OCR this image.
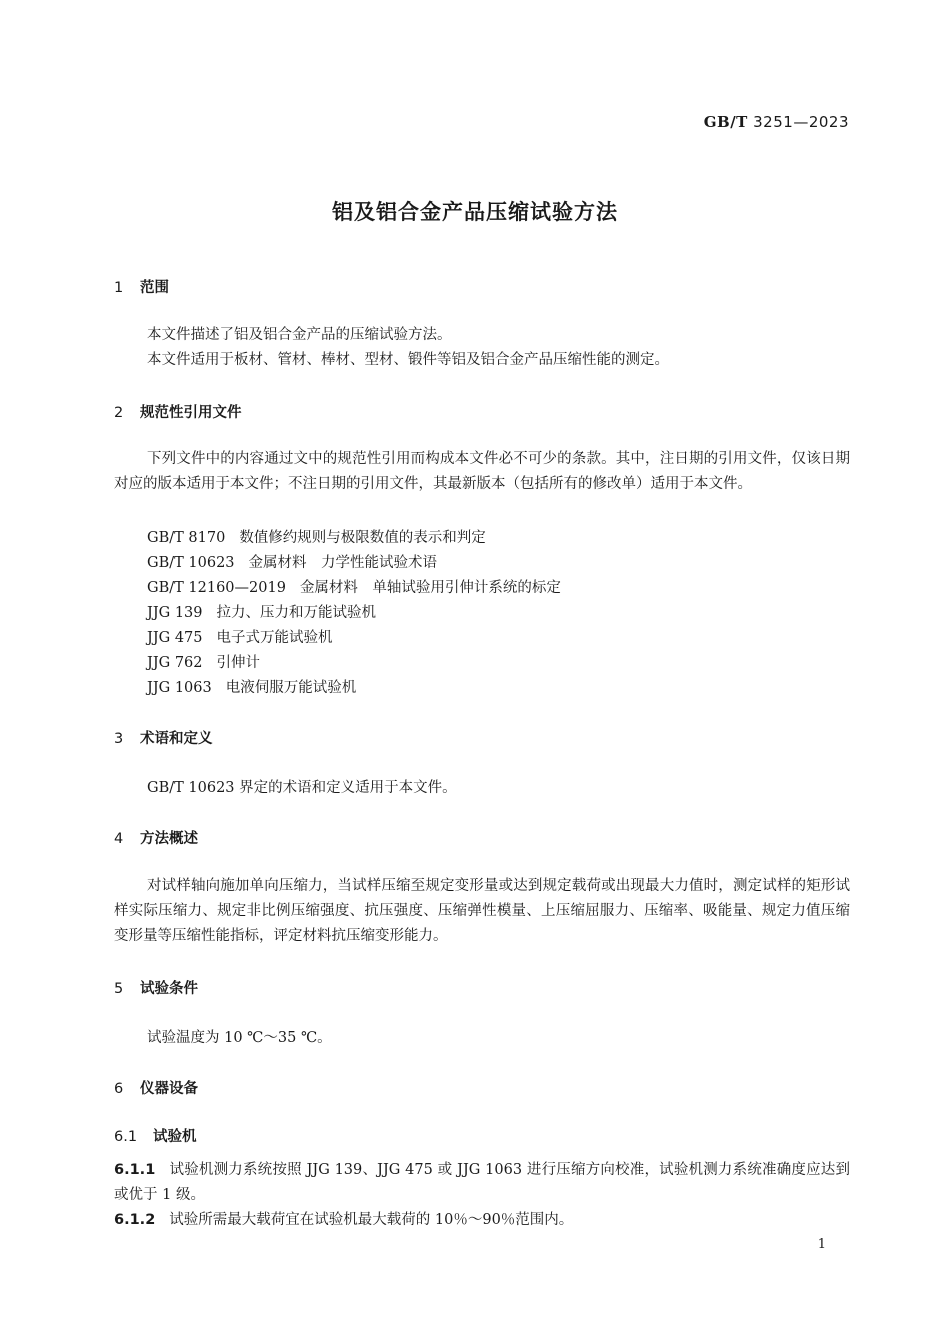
GB/T 3251—2023
铝及铝合金产品压缩试验方法
1 范围
本文件描述了铝及铝合金产品的压缩试验方法。
本文件适用于板材、管材、棒材、型材、锻件等铝及铝合金产品压缩性能的测定。
2 规范性引用文件
下列文件中的内容通过文中的规范性引用而构成本文件必不可少的条款。其中，注日期的引用文件，仅该日期对应的版本适用于本文件；不注日期的引用文件，其最新版本（包括所有的修改单）适用于本文件。
GB/T 8170 数值修约规则与极限数值的表示和判定
GB/T 10623 金属材料　力学性能试验术语
GB/T 12160—2019 金属材料　单轴试验用引伸计系统的标定
JJG 139 拉力、压力和万能试验机
JJG 475 电子式万能试验机
JJG 762 引伸计
JJG 1063 电液伺服万能试验机
3 术语和定义
GB/T 10623 界定的术语和定义适用于本文件。
4 方法概述
对试样轴向施加单向压缩力，当试样压缩至规定变形量或达到规定载荷或出现最大力值时，测定试样的矩形试样实际压缩力、规定非比例压缩强度、抗压强度、压缩弹性模量、上压缩屈服力、压缩率、吸能量、规定力值压缩变形量等压缩性能指标，评定材料抗压缩变形能力。
5 试验条件
试验温度为 10 ℃～35 ℃。
6 仪器设备
6.1 试验机
6.1.1 试验机测力系统按照 JJG 139、JJG 475 或 JJG 1063 进行压缩方向校准，试验机测力系统准确度应达到或优于 1 级。
6.1.2 试验所需最大载荷宜在试验机最大载荷的 10％～90％范围内。
1
